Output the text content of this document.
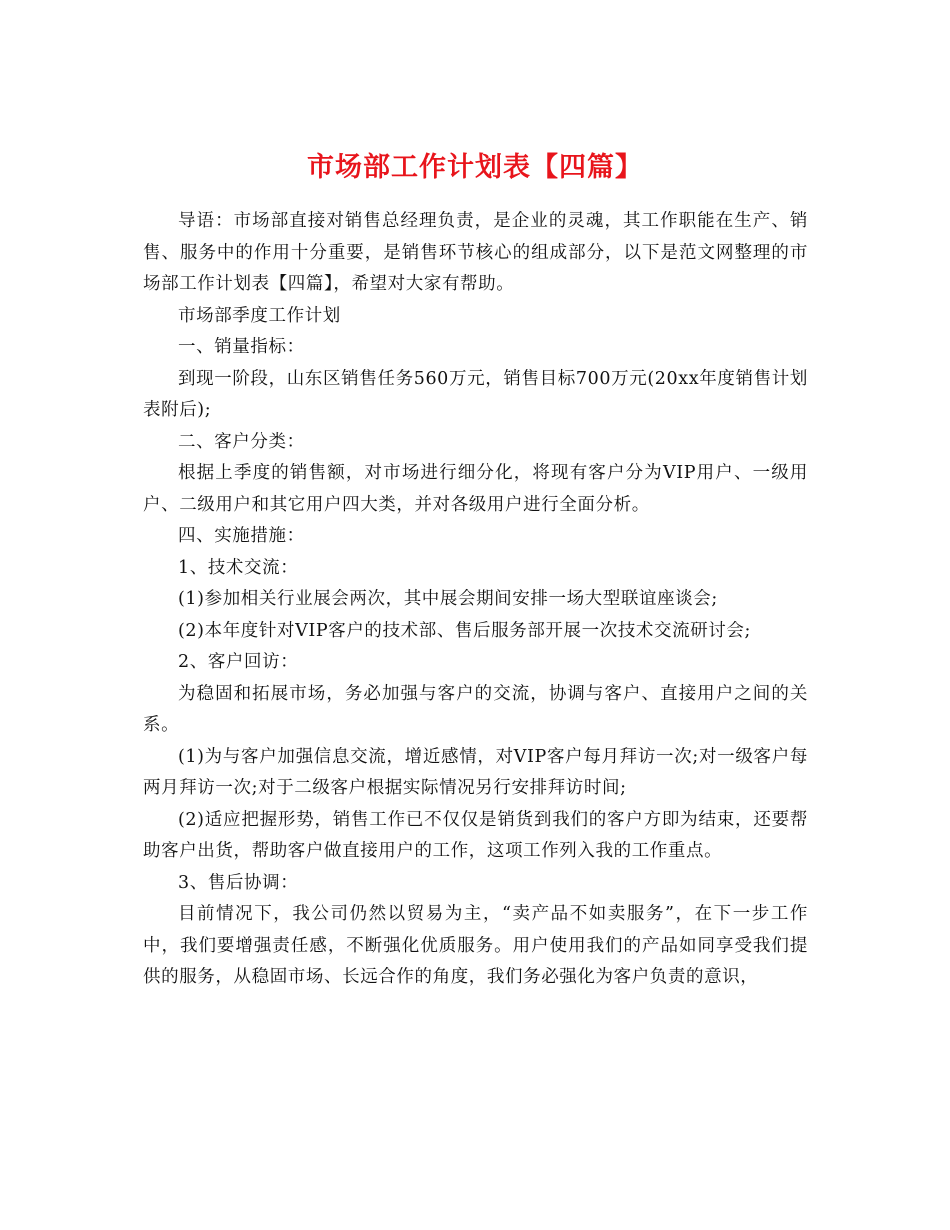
市场部工作计划表【四篇】

导语：市场部直接对销售总经理负责，是企业的灵魂，其工作职能在生产、销售、服务中的作用十分重要，是销售环节核心的组成部分，以下是范文网整理的市场部工作计划表【四篇】，希望对大家有帮助。

市场部季度工作计划

一、销量指标：

到现一阶段，山东区销售任务560万元，销售目标700万元(20xx年度销售计划表附后);

二、客户分类：

根据上季度的销售额，对市场进行细分化，将现有客户分为VIP用户、一级用户、二级用户和其它用户四大类，并对各级用户进行全面分析。

四、实施措施：

1、技术交流：

(1)参加相关行业展会两次，其中展会期间安排一场大型联谊座谈会;

(2)本年度针对VIP客户的技术部、售后服务部开展一次技术交流研讨会;

2、客户回访：

为稳固和拓展市场，务必加强与客户的交流，协调与客户、直接用户之间的关系。

(1)为与客户加强信息交流，增近感情，对VIP客户每月拜访一次;对一级客户每两月拜访一次;对于二级客户根据实际情况另行安排拜访时间;

(2)适应把握形势，销售工作已不仅仅是销货到我们的客户方即为结束，还要帮助客户出货，帮助客户做直接用户的工作，这项工作列入我的工作重点。

3、售后协调：

目前情况下，我公司仍然以贸易为主，“卖产品不如卖服务”，在下一步工作中，我们要增强责任感，不断强化优质服务。用户使用我们的产品如同享受我们提供的服务，从稳固市场、长远合作的角度，我们务必强化为客户负责的意识，
